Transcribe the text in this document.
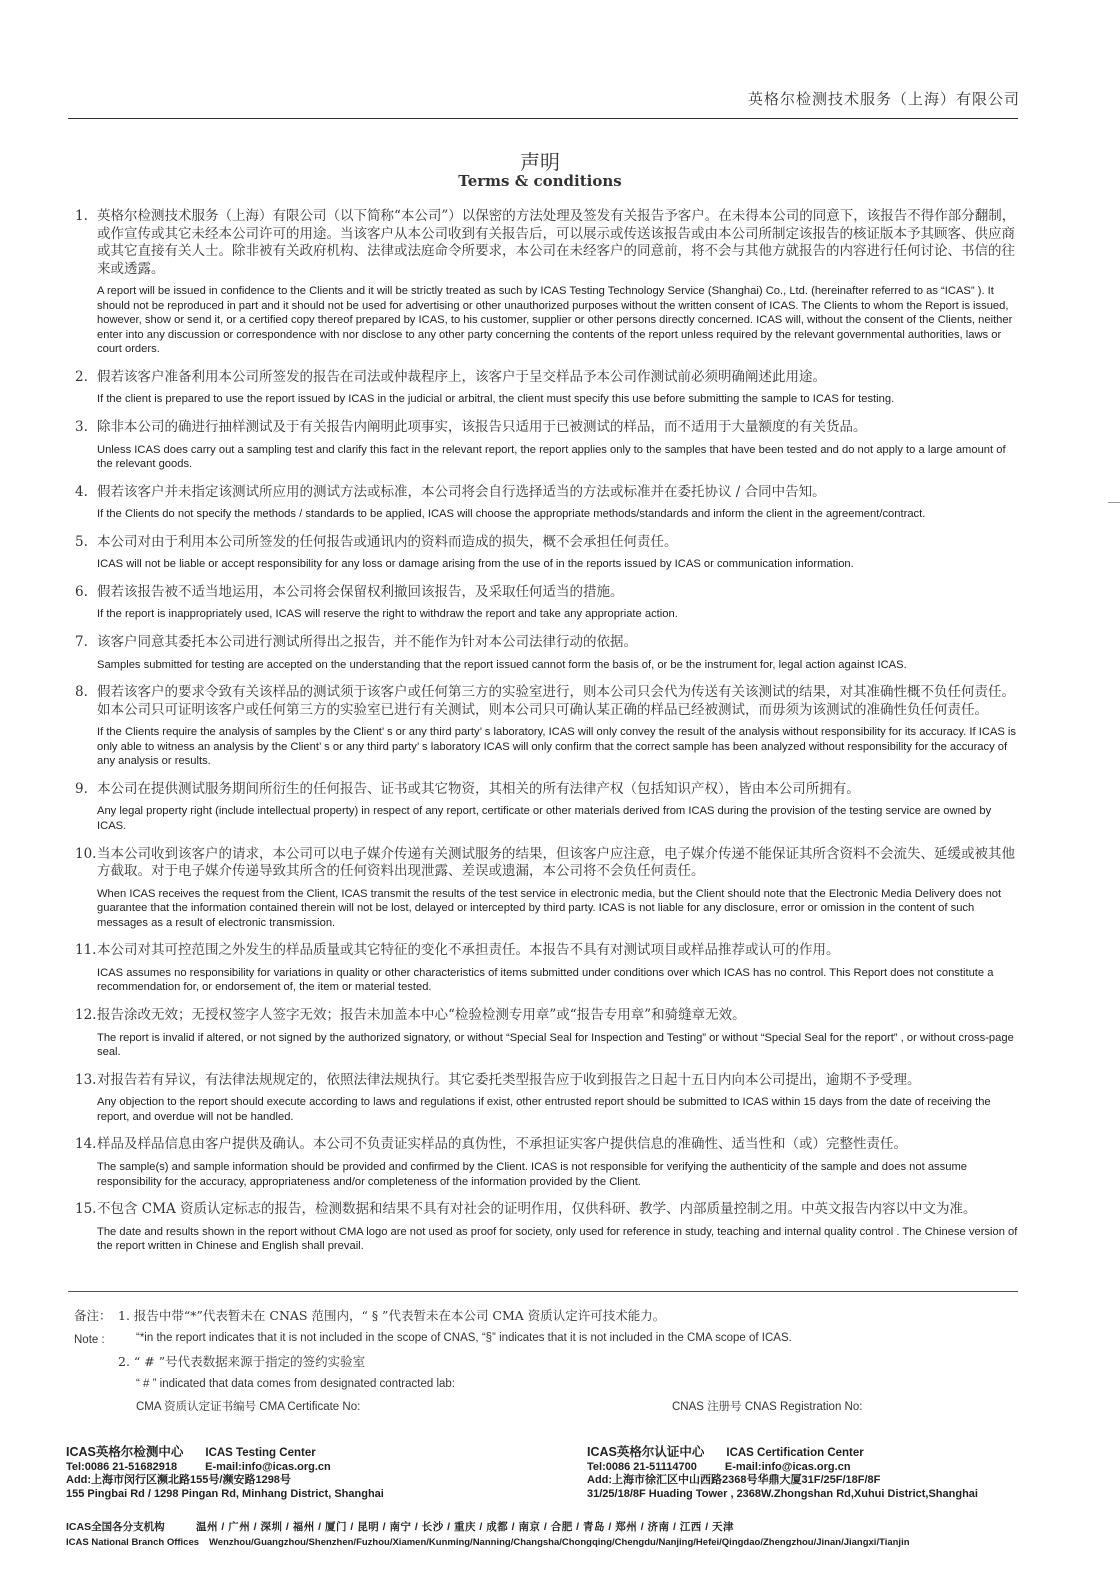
英格尔检测技术服务（上海）有限公司
声明
Terms & conditions
1. 英格尔检测技术服务（上海）有限公司（以下简称“本公司”）以保密的方法处理及签发有关报告予客户。在未得本公司的同意下，该报告不得作部分翻制，或作宣传或其它未经本公司许可的用途。当该客户从本公司收到有关报告后，可以展示或传送该报告或由本公司所制定该报告的核证版本予其顾客、供应商或其它直接有关人士。除非被有关政府机构、法律或法庭命令所要求，本公司在未经客户的同意前，将不会与其他方就报告的内容进行任何讨论、书信的往来或透露。

A report will be issued in confidence to the Clients and it will be strictly treated as such by ICAS Testing Technology Service (Shanghai) Co., Ltd. (hereinafter referred to as “ICAS” ). It should not be reproduced in part and it should not be used for advertising or other unauthorized purposes without the written consent of ICAS. The Clients to whom the Report is issued, however, show or send it, or a certified copy thereof prepared by ICAS, to his customer, supplier or other persons directly concerned. ICAS will, without the consent of the Clients, neither enter into any discussion or correspondence with nor disclose to any other party concerning the contents of the report unless required by the relevant governmental authorities, laws or court orders.

2. 假若该客户准备利用本公司所签发的报告在司法或仲裁程序上，该客户于呈交样品予本公司作测试前必须明确阐述此用途。

If the client is prepared to use the report issued by ICAS in the judicial or arbitral, the client must specify this use before submitting the sample to ICAS for testing.

3. 除非本公司的确进行抽样测试及于有关报告内阐明此项事实，该报告只适用于已被测试的样品，而不适用于大量额度的有关货品。

Unless ICAS does carry out a sampling test and clarify this fact in the relevant report, the report applies only to the samples that have been tested and do not apply to a large amount of the relevant goods.

4. 假若该客户并未指定该测试所应用的测试方法或标准，本公司将会自行选择适当的方法或标准并在委托协议 / 合同中告知。

If the Clients do not specify the methods / standards to be applied, ICAS will choose the appropriate methods/standards and inform the client in the agreement/contract.

5. 本公司对由于利用本公司所签发的任何报告或通讯内的资料而造成的损失，概不会承担任何责任。

ICAS will not be liable or accept responsibility for any loss or damage arising from the use of in the reports issued by ICAS or communication information.

6. 假若该报告被不适当地运用，本公司将会保留权利撤回该报告，及采取任何适当的措施。

If the report is inappropriately used, ICAS will reserve the right to withdraw the report and take any appropriate action.

7. 该客户同意其委托本公司进行测试所得出之报告，并不能作为针对本公司法律行动的依据。

Samples submitted for testing are accepted on the understanding that the report issued cannot form the basis of, or be the instrument for, legal action against ICAS.

8. 假若该客户的要求令致有关该样品的测试须于该客户或任何第三方的实验室进行，则本公司只会代为传送有关该测试的结果，对其准确性概不负任何责任。如本公司只可证明该客户或任何第三方的实验室已进行有关测试，则本公司只可确认某正确的样品已经被测试，而毋须为该测试的准确性负任何责任。

If the Clients require the analysis of samples by the Client’ s or any third party’ s laboratory, ICAS will only convey the result of the analysis without responsibility for its accuracy. If ICAS is only able to witness an analysis by the Client’ s or any third party’ s laboratory ICAS will only confirm that the correct sample has been analyzed without responsibility for the accuracy of any analysis or results.

9. 本公司在提供测试服务期间所衍生的任何报告、证书或其它物资，其相关的所有法律产权（包括知识产权），皆由本公司所拥有。

Any legal property right (include intellectual property) in respect of any report, certificate or other materials derived from ICAS during the provision of the testing service are owned by ICAS.

10. 当本公司收到该客户的请求，本公司可以电子媒介传递有关测试服务的结果，但该客户应注意，电子媒介传递不能保证其所含资料不会流失、延缓或被其他方截取。对于电子媒介传递导致其所含的任何资料出现泄露、差误或遗漏，本公司将不会负任何责任。

When ICAS receives the request from the Client, ICAS transmit the results of the test service in electronic media, but the Client should note that the Electronic Media Delivery does not guarantee that the information contained therein will not be lost, delayed or intercepted by third party. ICAS is not liable for any disclosure, error or omission in the content of such messages as a result of electronic transmission.

11. 本公司对其可控范围之外发生的样品质量或其它特征的变化不承担责任。本报告不具有对测试项目或样品推荐或认可的作用。

ICAS assumes no responsibility for variations in quality or other characteristics of items submitted under conditions over which ICAS has no control. This Report does not constitute a recommendation for, or endorsement of, the item or material tested.

12. 报告涂改无效；无授权签字人签字无效；报告未加盖本中心“检验检测专用章”或“报告专用章”和骑缝章无效。

The report is invalid if altered, or not signed by the authorized signatory, or without “Special Seal for Inspection and Testing” or without “Special Seal for the report” , or without cross-page seal.

13. 对报告若有异议，有法律法规规定的，依照法律法规执行。其它委托类型报告应于收到报告之日起十五日内向本公司提出，逾期不予受理。

Any objection to the report should execute according to laws and regulations if exist, other entrusted report should be submitted to ICAS within 15 days from the date of receiving the report, and overdue will not be handled.

14. 样品及样品信息由客户提供及确认。本公司不负责证实样品的真伪性，不承担证实客户提供信息的准确性、适当性和（或）完整性责任。

The sample(s) and sample information should be provided and confirmed by the Client. ICAS is not responsible for verifying the authenticity of the sample and does not assume responsibility for the accuracy, appropriateness and/or completeness of the information provided by the Client.

15. 不包含 CMA 资质认定标志的报告，检测数据和结果不具有对社会的证明作用，仅供科研、教学、内部质量控制之用。中英文报告内容以中文为准。

The date and results shown in the report without CMA logo are not used as proof for society, only used for reference in study, teaching and internal quality control . The Chinese version of the report written in Chinese and English shall prevail.

备注： 1. 报告中带“*”代表暂未在 CNAS 范围内，“ § ”代表暂未在本公司 CMA 资质认定许可技术能力。
Note :	“*in the report indicates that it is not included in the scope of CNAS, “§” indicates that it is not included in the CMA scope of ICAS.
2. “ # ”号代表数据来源于指定的签约实验室
“ # ” indicated that data comes from designated contracted lab:
CMA 资质认定证书编号 CMA Certificate No:	CNAS 注册号 CNAS Registration No:
ICAS英格尔检测中心 ICAS Testing Center
Tel:0086 21-51682918	E-mail:info@icas.org.cn
Add:上海市闵行区濒北路155号/濒安路1298号
155 Pingbai Rd / 1298 Pingan Rd, Minhang District, Shanghai
ICAS英格尔认证中心 ICAS Certification Center
Tel:0086 21-51114700	E-mail:info@icas.org.cn
Add:上海市徐汇区中山西路2368号华鼎大厦31F/25F/18F/8F
31/25/18/8F Huading Tower , 2368W.Zhongshan Rd,Xuhui District,Shanghai
ICAS全国各分支机构	温州 / 广州 / 深圳 / 福州 / 厦门 / 昆明 / 南宁 / 长沙 / 重庆 / 成都 / 南京 / 合肥 / 青岛 / 郑州 / 济南 / 江西 / 天津
ICAS National Branch Offices Wenzhou/Guangzhou/Shenzhen/Fuzhou/Xiamen/Kunming/Nanning/Changsha/Chongqing/Chengdu/Nanjing/Hefei/Qingdao/Zhengzhou/Jinan/Jiangxi/Tianjin
